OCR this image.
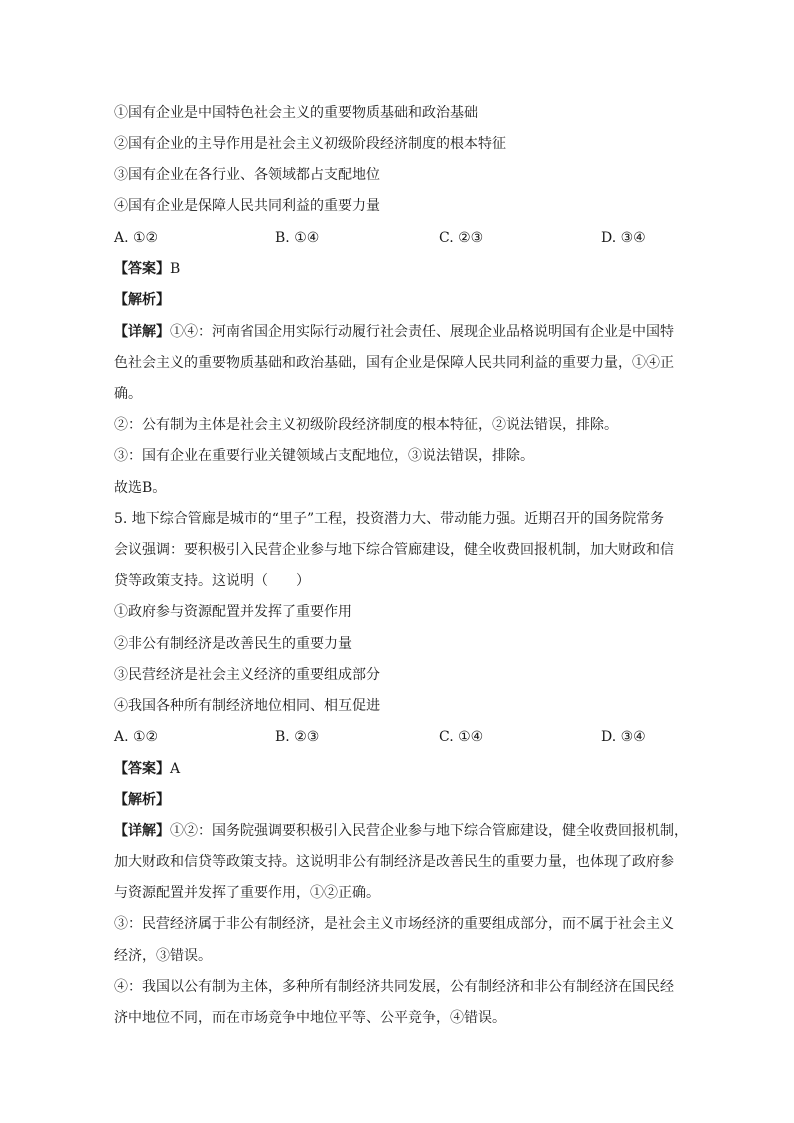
①国有企业是中国特色社会主义的重要物质基础和政治基础
②国有企业的主导作用是社会主义初级阶段经济制度的根本特征
③国有企业在各行业、各领域都占支配地位
④国有企业是保障人民共同利益的重要力量
A. ①②	B. ①④	C. ②③	D. ③④
【答案】B
【解析】
【详解】①④：河南省国企用实际行动履行社会责任、展现企业品格说明国有企业是中国特
色社会主义的重要物质基础和政治基础，国有企业是保障人民共同利益的重要力量，①④正
确。
②：公有制为主体是社会主义初级阶段经济制度的根本特征，②说法错误，排除。
③：国有企业在重要行业关键领域占支配地位，③说法错误，排除。
故选B。
5. 地下综合管廊是城市的“里子”工程，投资潜力大、带动能力强。近期召开的国务院常务
会议强调：要积极引入民营企业参与地下综合管廊建设，健全收费回报机制，加大财政和信
贷等政策支持。这说明（　　）
①政府参与资源配置并发挥了重要作用
②非公有制经济是改善民生的重要力量
③民营经济是社会主义经济的重要组成部分
④我国各种所有制经济地位相同、相互促进
A. ①②	B. ②③	C. ①④	D. ③④
【答案】A
【解析】
【详解】①②：国务院强调要积极引入民营企业参与地下综合管廊建设，健全收费回报机制，
加大财政和信贷等政策支持。这说明非公有制经济是改善民生的重要力量，也体现了政府参
与资源配置并发挥了重要作用，①②正确。
③：民营经济属于非公有制经济，是社会主义市场经济的重要组成部分，而不属于社会主义
经济，③错误。
④：我国以公有制为主体，多种所有制经济共同发展，公有制经济和非公有制经济在国民经
济中地位不同，而在市场竞争中地位平等、公平竞争，④错误。
